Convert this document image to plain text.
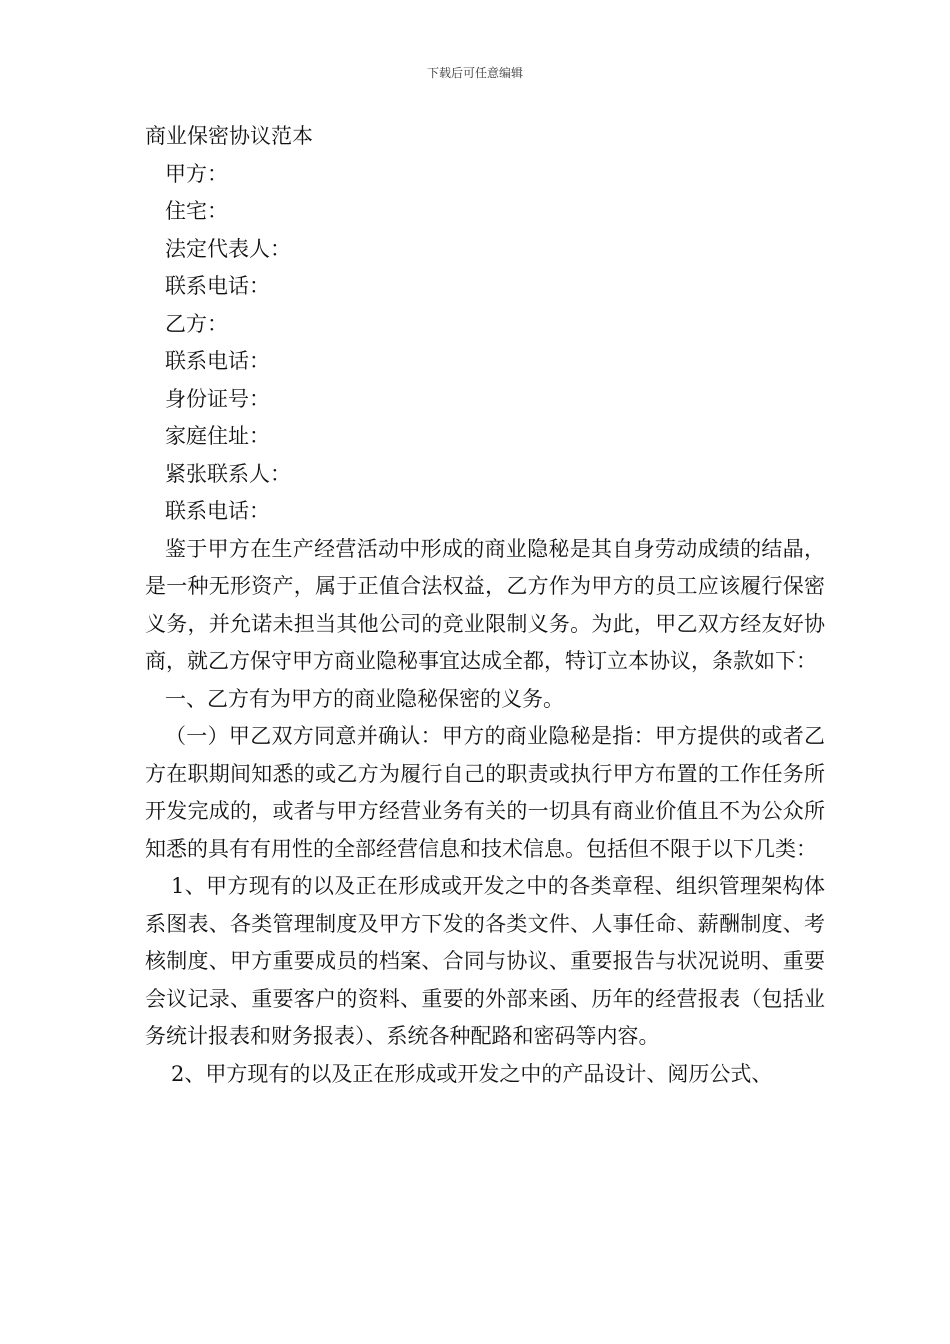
下载后可任意编辑

商业保密协议范本

甲方：

住宅：

法定代表人：

联系电话：

乙方：

联系电话：

身份证号：

家庭住址：

紧张联系人：

联系电话：

鉴于甲方在生产经营活动中形成的商业隐秘是其自身劳动成绩的结晶，是一种无形资产，属于正值合法权益，乙方作为甲方的员工应该履行保密义务，并允诺未担当其他公司的竞业限制义务。为此，甲乙双方经友好协商，就乙方保守甲方商业隐秘事宜达成全都，特订立本协议，条款如下：

一、乙方有为甲方的商业隐秘保密的义务。

（一）甲乙双方同意并确认：甲方的商业隐秘是指：甲方提供的或者乙方在职期间知悉的或乙方为履行自己的职责或执行甲方布置的工作任务所开发完成的，或者与甲方经营业务有关的一切具有商业价值且不为公众所知悉的具有有用性的全部经营信息和技术信息。包括但不限于以下几类：

1、甲方现有的以及正在形成或开发之中的各类章程、组织管理架构体系图表、各类管理制度及甲方下发的各类文件、人事任命、薪酬制度、考核制度、甲方重要成员的档案、合同与协议、重要报告与状况说明、重要会议记录、重要客户的资料、重要的外部来函、历年的经营报表（包括业务统计报表和财务报表）、系统各种配路和密码等内容。

2、甲方现有的以及正在形成或开发之中的产品设计、阅历公式、
